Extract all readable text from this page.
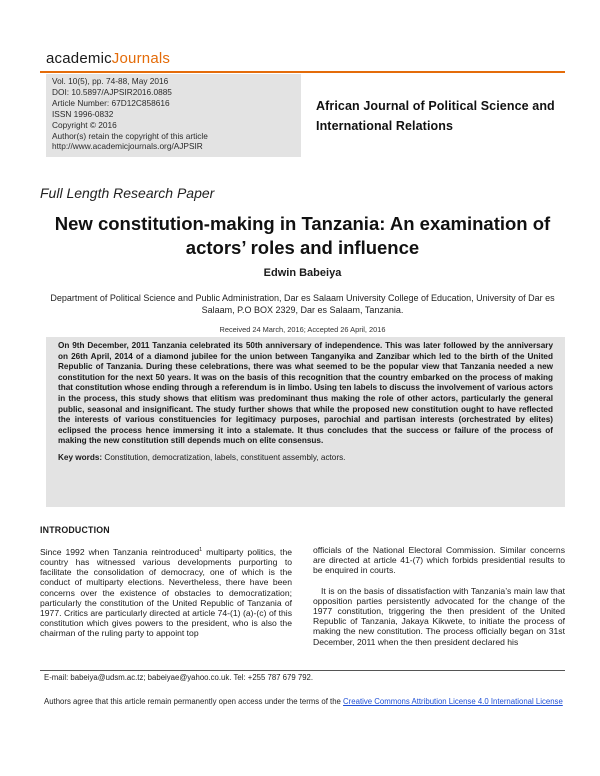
academicJournals
Vol. 10(5), pp. 74-88, May 2016
DOI: 10.5897/AJPSIR2016.0885
Article Number: 67D12C858616
ISSN 1996-0832
Copyright © 2016
Author(s) retain the copyright of this article
http://www.academicjournals.org/AJPSIR
African Journal of Political Science and International Relations
Full Length Research Paper
New constitution-making in Tanzania: An examination of actors’ roles and influence
Edwin Babeiya
Department of Political Science and Public Administration, Dar es Salaam University College of Education, University of Dar es Salaam, P.O BOX 2329, Dar es Salaam, Tanzania.
Received 24 March, 2016; Accepted 26 April, 2016

On 9th December, 2011 Tanzania celebrated its 50th anniversary of independence. This was later followed by the anniversary on 26th April, 2014 of a diamond jubilee for the union between Tanganyika and Zanzibar which led to the birth of the United Republic of Tanzania. During these celebrations, there was what seemed to be the popular view that Tanzania needed a new constitution for the next 50 years. It was on the basis of this recognition that the country embarked on the process of making that constitution whose ending through a referendum is in limbo. Using ten labels to discuss the involvement of various actors in the process, this study shows that elitism was predominant thus making the role of other actors, particularly the general public, seasonal and insignificant. The study further shows that while the proposed new constitution ought to have reflected the interests of various constituencies for legitimacy purposes, parochial and partisan interests (orchestrated by elites) eclipsed the process hence immersing it into a stalemate. It thus concludes that the success or failure of the process of making the new constitution still depends much on elite consensus.

Key words: Constitution, democratization, labels, constituent assembly, actors.
INTRODUCTION

Since 1992 when Tanzania reintroduced$^1$ multiparty politics, the country has witnessed various developments purporting to facilitate the consolidation of democracy, one of which is the conduct of multiparty elections. Nevertheless, there have been concerns over the existence of obstacles to democratization; particularly the constitution of the United Republic of Tanzania of 1977. Critics are particularly directed at article 74-(1) (a)-(c) of this constitution which gives powers to the president, who is also the chairman of the ruling party to appoint top

officials of the National Electoral Commission. Similar concerns are directed at article 41-(7) which forbids presidential results to be enquired in courts.

It is on the basis of dissatisfaction with Tanzania’s main law that opposition parties persistently advocated for the change of the 1977 constitution, triggering the then president of the United Republic of Tanzania, Jakaya Kikwete, to initiate the process of making the new constitution. The process officially began on 31st December, 2011 when the then president declared his

E-mail: babeiya@udsm.ac.tz; babeiyae@yahoo.co.uk. Tel: +255 787 679 792.
Authors agree that this article remain permanently open access under the terms of the Creative Commons Attribution License 4.0 International License
